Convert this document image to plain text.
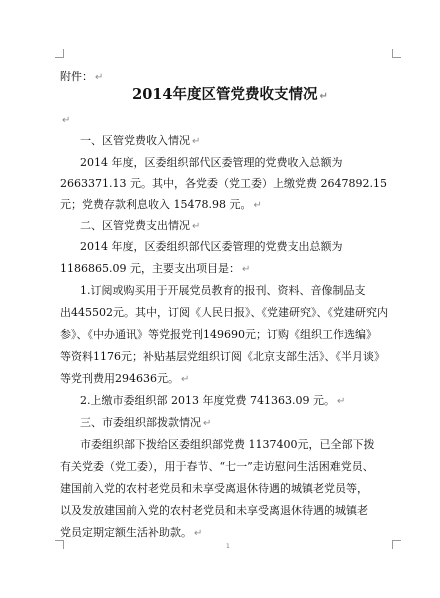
附件： ↵
2014年度区管党费收支情况 ↵
↵
一、区管党费收入情况 ↵
2014 年度，区委组织部代区委管理的党费收入总额为
2663371.13 元。其中，各党委（党工委）上缴党费 2647892.15
元；党费存款利息收入 15478.98 元。 ↵
二、区管党费支出情况 ↵
2014 年度，区委组织部代区委管理的党费支出总额为
1186865.09 元，主要支出项目是： ↵
1.订阅或购买用于开展党员教育的报刊、资料、音像制品支
出445502元。其中，订阅《人民日报》、《党建研究》、《党建研究内
参》、《中办通讯》等党报党刊149690元；订购《组织工作选编》
等资料1176元；补贴基层党组织订阅《北京支部生活》、《半月谈》
等党刊费用294636元。 ↵
2.上缴市委组织部 2013 年度党费 741363.09 元。 ↵
三、市委组织部拨款情况 ↵
市委组织部下拨给区委组织部党费 1137400元，已全部下拨
有关党委（党工委），用于春节、“七一”走访慰问生活困难党员、
建国前入党的农村老党员和未享受离退休待遇的城镇老党员等，
以及发放建国前入党的农村老党员和未享受离退休待遇的城镇老
党员定期定额生活补助款。 ↵
1
